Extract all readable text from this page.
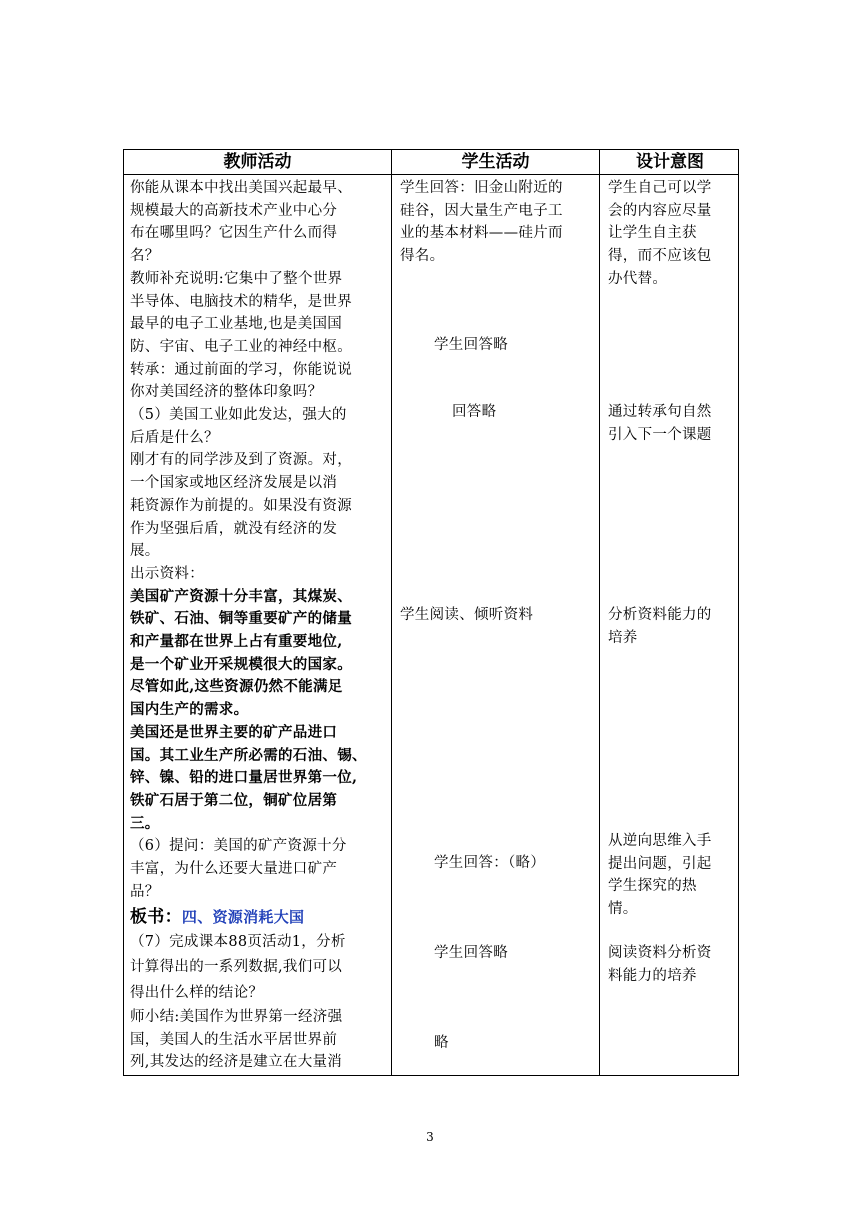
教师活动	学生活动	设计意图
你能从课本中找出美国兴起最早、
规模最大的高新技术产业中心分
布在哪里吗？它因生产什么而得
名？
教师补充说明:它集中了整个世界
半导体、电脑技术的精华，是世界
最早的电子工业基地,也是美国国
防、宇宙、电子工业的神经中枢。
转承：通过前面的学习，你能说说
你对美国经济的整体印象吗？
（5）美国工业如此发达，强大的
后盾是什么？
刚才有的同学涉及到了资源。对，
一个国家或地区经济发展是以消
耗资源作为前提的。如果没有资源
作为坚强后盾，就没有经济的发
展。
出示资料：
美国矿产资源十分丰富，其煤炭、
铁矿、石油、铜等重要矿产的储量
和产量都在世界上占有重要地位,
是一个矿业开采规模很大的国家。
尽管如此,这些资源仍然不能满足
国内生产的需求。
美国还是世界主要的矿产品进口
国。其工业生产所必需的石油、锡、
锌、镍、铅的进口量居世界第一位,
铁矿石居于第二位，铜矿位居第
三。
（6）提问：美国的矿产资源十分
丰富，为什么还要大量进口矿产
品？
板书：四、资源消耗大国
（7）完成课本88页活动1，分析
计算得出的一系列数据,我们可以
得出什么样的结论？
师小结:美国作为世界第一经济强
国，美国人的生活水平居世界前
列,其发达的经济是建立在大量消
学生回答：旧金山附近的
硅谷，因大量生产电子工
业的基本材料——硅片而
得名。
学生回答略
回答略
学生阅读、倾听资料
学生回答：（略）
学生回答略
略
学生自己可以学
会的内容应尽量
让学生自主获
得，而不应该包
办代替。
通过转承句自然
引入下一个课题
分析资料能力的
培养
从逆向思维入手
提出问题，引起
学生探究的热
情。
阅读资料分析资
料能力的培养
3
